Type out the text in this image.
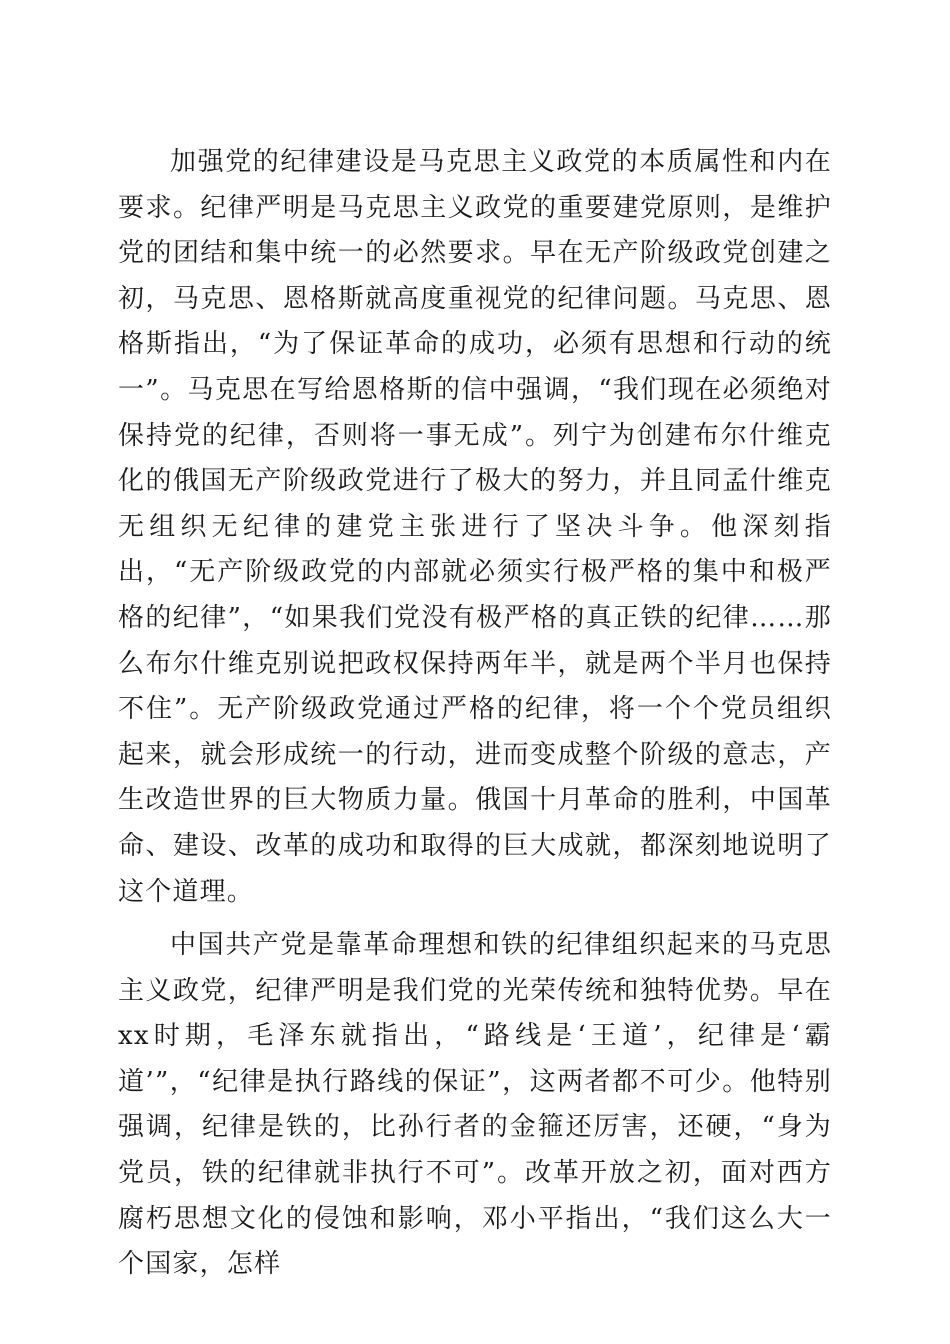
加强党的纪律建设是马克思主义政党的本质属性和内在要求。纪律严明是马克思主义政党的重要建党原则，是维护党的团结和集中统一的必然要求。早在无产阶级政党创建之初，马克思、恩格斯就高度重视党的纪律问题。马克思、恩格斯指出，“为了保证革命的成功，必须有思想和行动的统一”。马克思在写给恩格斯的信中强调，“我们现在必须绝对保持党的纪律，否则将一事无成”。列宁为创建布尔什维克化的俄国无产阶级政党进行了极大的努力，并且同孟什维克无组织无纪律的建党主张进行了坚决斗争。他深刻指出，“无产阶级政党的内部就必须实行极严格的集中和极严格的纪律”，“如果我们党没有极严格的真正铁的纪律……那么布尔什维克别说把政权保持两年半，就是两个半月也保持不住”。无产阶级政党通过严格的纪律，将一个个党员组织起来，就会形成统一的行动，进而变成整个阶级的意志，产生改造世界的巨大物质力量。俄国十月革命的胜利，中国革命、建设、改革的成功和取得的巨大成就，都深刻地说明了这个道理。

中国共产党是靠革命理想和铁的纪律组织起来的马克思主义政党，纪律严明是我们党的光荣传统和独特优势。早在xx时期，毛泽东就指出，“路线是‘王道’，纪律是‘霸道’”，“纪律是执行路线的保证”，这两者都不可少。他特别强调，纪律是铁的，比孙行者的金箍还厉害，还硬，“身为党员，铁的纪律就非执行不可”。改革开放之初，面对西方腐朽思想文化的侵蚀和影响，邓小平指出，“我们这么大一个国家，怎样
